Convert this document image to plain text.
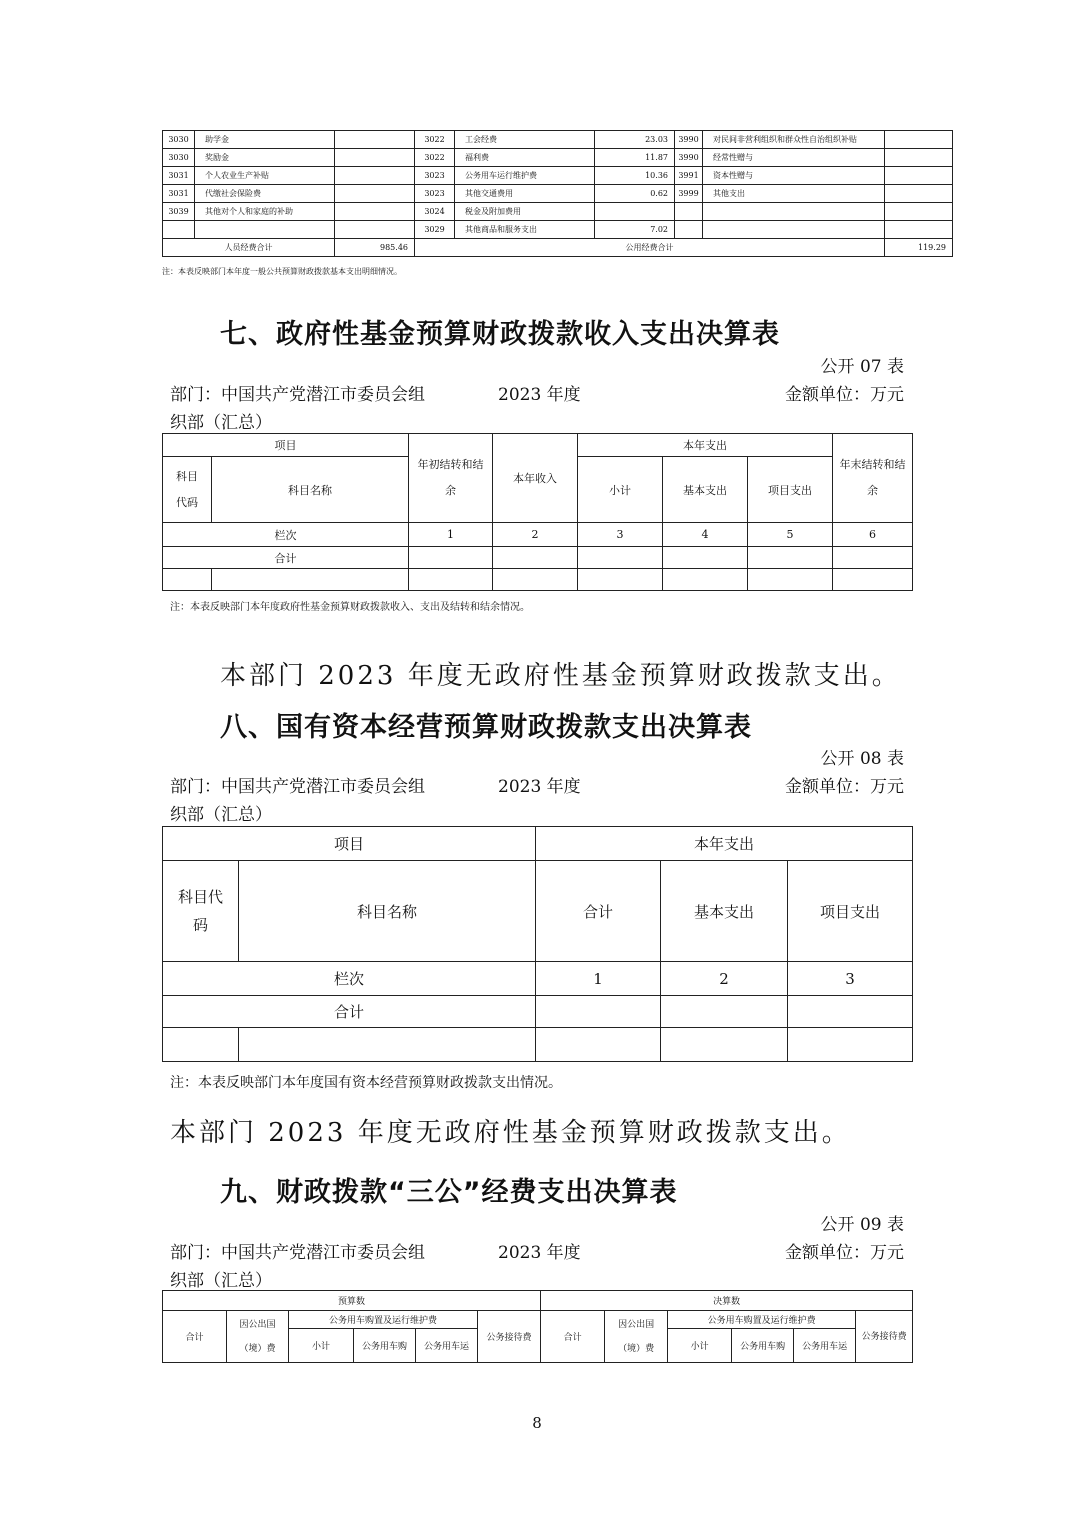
3030	助学金		3022	工会经费	23.03	3990	对民间非营利组织和群众性自治组织补贴	
3030	奖励金		3022	福利费	11.87	3990	经常性赠与	
3031	个人农业生产补贴		3023	公务用车运行维护费	10.36	3991	资本性赠与	
3031	代缴社会保险费		3023	其他交通费用	0.62	3999	其他支出	
3039	其他对个人和家庭的补助		3024	税金及附加费用				
			3029	其他商品和服务支出	7.02			
人员经费合计		985.46	公用经费合计					119.29
注：本表反映部门本年度一般公共预算财政拨款基本支出明细情况。
七、政府性基金预算财政拨款收入支出决算表
公开 07 表
部门：中国共产党潜江市委员会组	2023 年度	金额单位：万元
织部（汇总）
项目		年初结转和结余	本年收入	本年支出			年末结转和结余
科目代码	科目名称			小计	基本支出	项目支出	
栏次		1	2	3	4	5	6
合计							

注：本表反映部门本年度政府性基金预算财政拨款收入、支出及结转和结余情况。
本部门 2023 年度无政府性基金预算财政拨款支出。
八、国有资本经营预算财政拨款支出决算表
公开 08 表
部门：中国共产党潜江市委员会组	2023 年度	金额单位：万元
织部（汇总）
项目		本年支出		
科目代码	科目名称	合计	基本支出	项目支出
栏次		1	2	3
合计				

注：本表反映部门本年度国有资本经营预算财政拨款支出情况。
本部门 2023 年度无政府性基金预算财政拨款支出。
九、财政拨款“三公”经费支出决算表
公开 09 表
部门：中国共产党潜江市委员会组	2023 年度	金额单位：万元
织部（汇总）
预算数						决算数					
合计	因公出国（境）费	公务用车购置及运行维护费			公务接待费	合计	因公出国（境）费	公务用车购置及运行维护费			公务接待费
		小计	公务用车购	公务用车运				小计	公务用车购	公务用车运	
8
